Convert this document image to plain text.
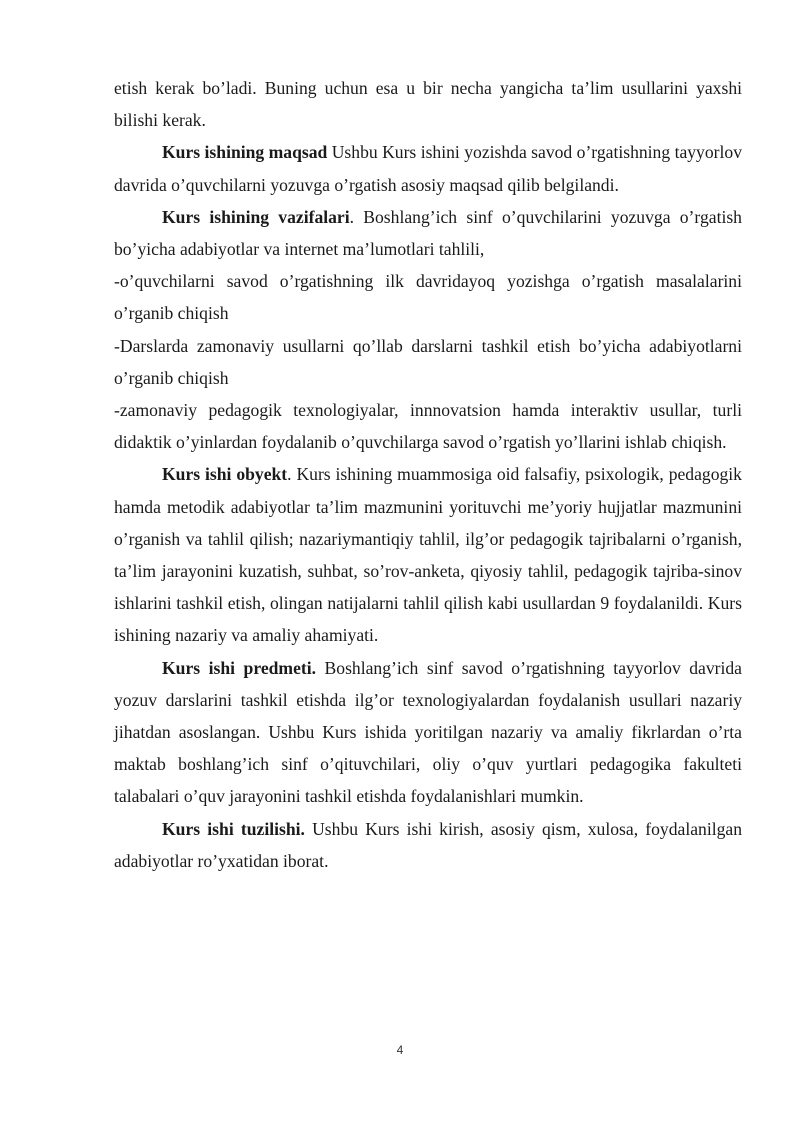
etish kerak bo’ladi. Buning uchun esa u bir necha yangicha ta’lim usullarini yaxshi bilishi kerak.

Kurs ishining maqsad Ushbu Kurs ishini yozishda savod o’rgatishning tayyorlov davrida o’quvchilarni yozuvga o’rgatish asosiy maqsad qilib belgilandi.

Kurs ishining vazifalari. Boshlang’ich sinf o’quvchilarini yozuvga o’rgatish bo’yicha adabiyotlar va internet ma’lumotlari tahlili,

-o’quvchilarni savod o’rgatishning ilk davridayoq yozishga o’rgatish masalalarini o’rganib chiqish

-Darslarda zamonaviy usullarni qo’llab darslarni tashkil etish bo’yicha adabiyotlarni o’rganib chiqish

-zamonaviy pedagogik texnologiyalar, innnovatsion hamda interaktiv usullar, turli didaktik o’yinlardan foydalanib o’quvchilarga savod o’rgatish yo’llarini ishlab chiqish.

Kurs ishi obyekt. Kurs ishining muammosiga oid falsafiy, psixologik, pedagogik hamda metodik adabiyotlar ta’lim mazmunini yorituvchi me’yoriy hujjatlar mazmunini o’rganish va tahlil qilish; nazariymantiqiy tahlil, ilg’or pedagogik tajribalarni o’rganish, ta’lim jarayonini kuzatish, suhbat, so’rov-anketa, qiyosiy tahlil, pedagogik tajriba-sinov ishlarini tashkil etish, olingan natijalarni tahlil qilish kabi usullardan 9 foydalanildi. Kurs ishining nazariy va amaliy ahamiyati.

Kurs ishi predmeti. Boshlang’ich sinf savod o’rgatishning tayyorlov davrida yozuv darslarini tashkil etishda ilg’or texnologiyalardan foydalanish usullari nazariy jihatdan asoslangan. Ushbu Kurs ishida yoritilgan nazariy va amaliy fikrlardan o’rta maktab boshlang’ich sinf o’qituvchilari, oliy o’quv yurtlari pedagogika fakulteti talabalari o’quv jarayonini tashkil etishda foydalanishlari mumkin.

Kurs ishi tuzilishi. Ushbu Kurs ishi kirish, asosiy qism, xulosa, foydalanilgan adabiyotlar ro’yxatidan iborat.

4
